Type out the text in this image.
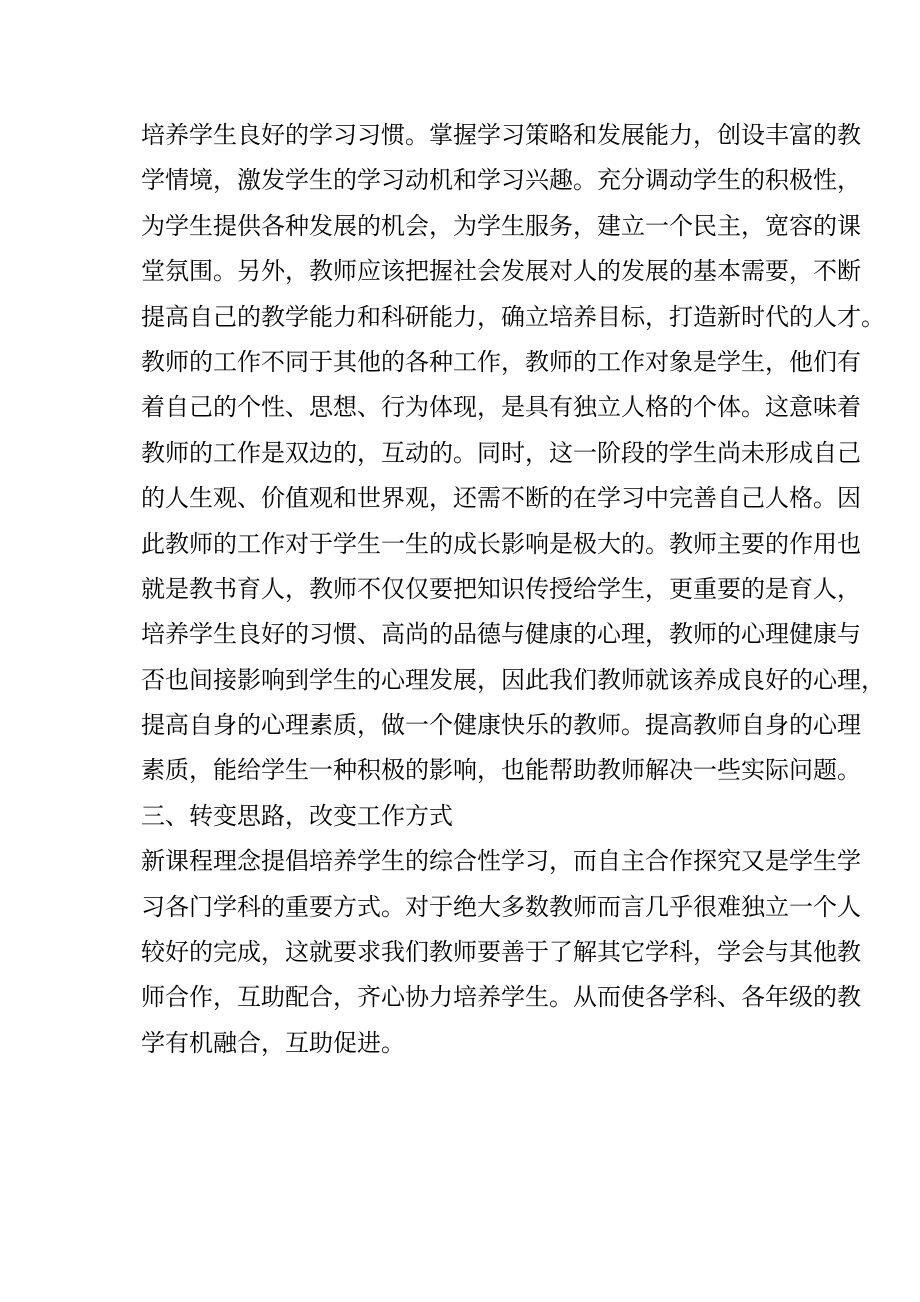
培养学生良好的学习习惯。掌握学习策略和发展能力，创设丰富的教
学情境，激发学生的学习动机和学习兴趣。充分调动学生的积极性，
为学生提供各种发展的机会，为学生服务，建立一个民主，宽容的课
堂氛围。另外，教师应该把握社会发展对人的发展的基本需要，不断
提高自己的教学能力和科研能力，确立培养目标，打造新时代的人才。
教师的工作不同于其他的各种工作，教师的工作对象是学生，他们有
着自己的个性、思想、行为体现，是具有独立人格的个体。这意味着
教师的工作是双边的，互动的。同时，这一阶段的学生尚未形成自己
的人生观、价值观和世界观，还需不断的在学习中完善自己人格。因
此教师的工作对于学生一生的成长影响是极大的。教师主要的作用也
就是教书育人，教师不仅仅要把知识传授给学生，更重要的是育人，
培养学生良好的习惯、高尚的品德与健康的心理，教师的心理健康与
否也间接影响到学生的心理发展，因此我们教师就该养成良好的心理，
提高自身的心理素质，做一个健康快乐的教师。提高教师自身的心理
素质，能给学生一种积极的影响，也能帮助教师解决一些实际问题。
三、转变思路，改变工作方式
新课程理念提倡培养学生的综合性学习，而自主合作探究又是学生学
习各门学科的重要方式。对于绝大多数教师而言几乎很难独立一个人
较好的完成，这就要求我们教师要善于了解其它学科，学会与其他教
师合作，互助配合，齐心协力培养学生。从而使各学科、各年级的教
学有机融合，互助促进。
